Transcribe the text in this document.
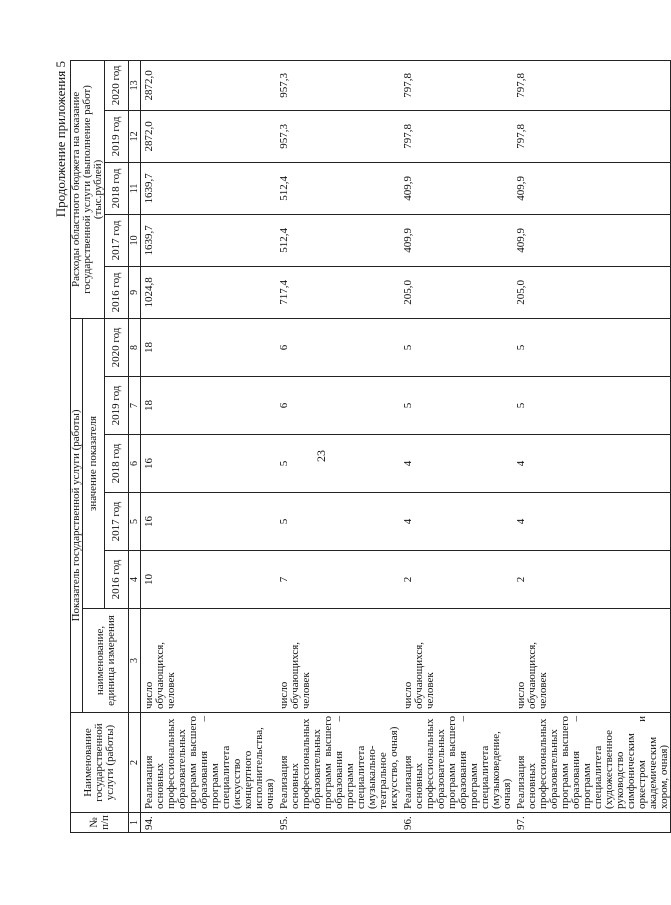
23
Продолжение приложения 5
№ п/п	Наименование государственной услуги (работы)	Показатель государственной услуги (работы)						Расходы областного бюджета на оказание государственной услуги (выполнение работ) (тыс.рублей)				
		наименование, единица измерения	значение показателя									
			2016 год	2017 год	2018 год	2019 год	2020 год	2016 год	2017 год	2018 год	2019 год	2020 год
1	2	3	4	5	6	7	8	9	10	11	12	13
94.	Реализация основных профессиональных образовательных программ высшего образования – программ специалитета (искусство концертного исполнительства, очная)	число обучающихся, человек	10	16	16	18	18	1024,8	1639,7	1639,7	2872,0	2872,0
95.	Реализация основных профессиональных образовательных программ высшего образования – программ специалитета (музыкально-театральное искусство, очная)	число обучающихся, человек	7	5	5	6	6	717,4	512,4	512,4	957,3	957,3
96.	Реализация основных профессиональных образовательных программ высшего образования – программ специалитета (музыковедение, очная)	число обучающихся, человек	2	4	4	5	5	205,0	409,9	409,9	797,8	797,8
97.	Реализация основных профессиональных образовательных программ высшего образования – программ специалитета (художественное руководство симфоническим оркестром и академическим хором, очная)	число обучающихся, человек	2	4	4	5	5	205,0	409,9	409,9	797,8	797,8
